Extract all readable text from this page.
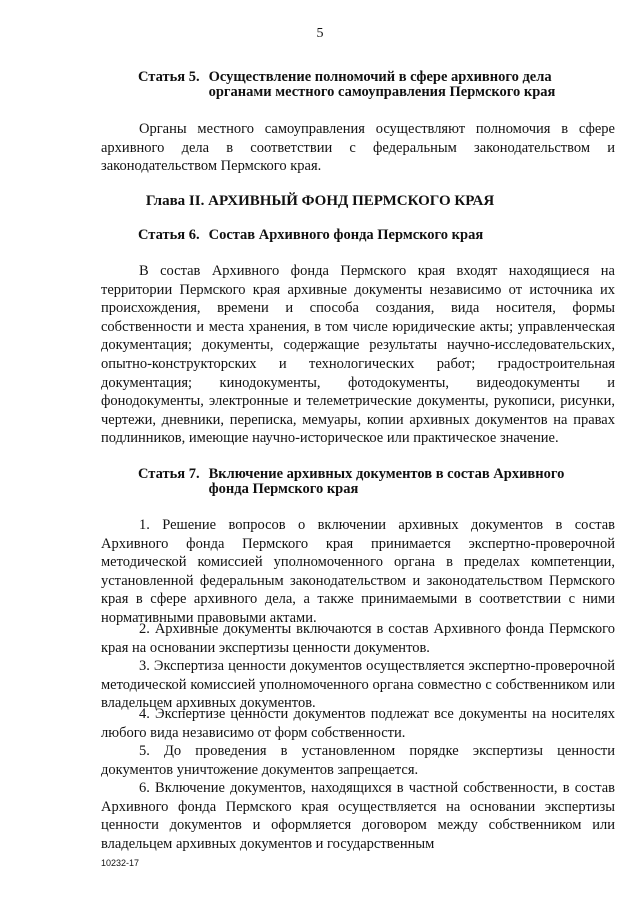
5
Статья 5. Осуществление полномочий в сфере архивного дела органами местного самоуправления Пермского края

Органы местного самоуправления осуществляют полномочия в сфере архивного дела в соответствии с федеральным законодательством и законодательством Пермского края.

Глава II. АРХИВНЫЙ ФОНД ПЕРМСКОГО КРАЯ
Статья 6. Состав Архивного фонда Пермского края

В состав Архивного фонда Пермского края входят находящиеся на территории Пермского края архивные документы независимо от источника их происхождения, времени и способа создания, вида носителя, формы собственности и места хранения, в том числе юридические акты; управленческая документация; документы, содержащие результаты научно-исследовательских, опытно-конструкторских и технологических работ; градостроительная документация; кинодокументы, фотодокументы, видеодокументы и фонодокументы, электронные и телеметрические документы, рукописи, рисунки, чертежи, дневники, переписка, мемуары, копии архивных документов на правах подлинников, имеющие научно-историческое или практическое значение.

Статья 7. Включение архивных документов в состав Архивного фонда Пермского края

1. Решение вопросов о включении архивных документов в состав Архивного фонда Пермского края принимается экспертно-проверочной методической комиссией уполномоченного органа в пределах компетенции, установленной федеральным законодательством и законодательством Пермского края в сфере архивного дела, а также принимаемыми в соответствии с ними нормативными правовыми актами.

2. Архивные документы включаются в состав Архивного фонда Пермского края на основании экспертизы ценности документов.

3. Экспертиза ценности документов осуществляется экспертно-проверочной методической комиссией уполномоченного органа совместно с собственником или владельцем архивных документов.

4. Экспертизе ценности документов подлежат все документы на носителях любого вида независимо от форм собственности.

5. До проведения в установленном порядке экспертизы ценности документов уничтожение документов запрещается.

6. Включение документов, находящихся в частной собственности, в состав Архивного фонда Пермского края осуществляется на основании экспертизы ценности документов и оформляется договором между собственником или владельцем архивных документов и государственным

10232-17
